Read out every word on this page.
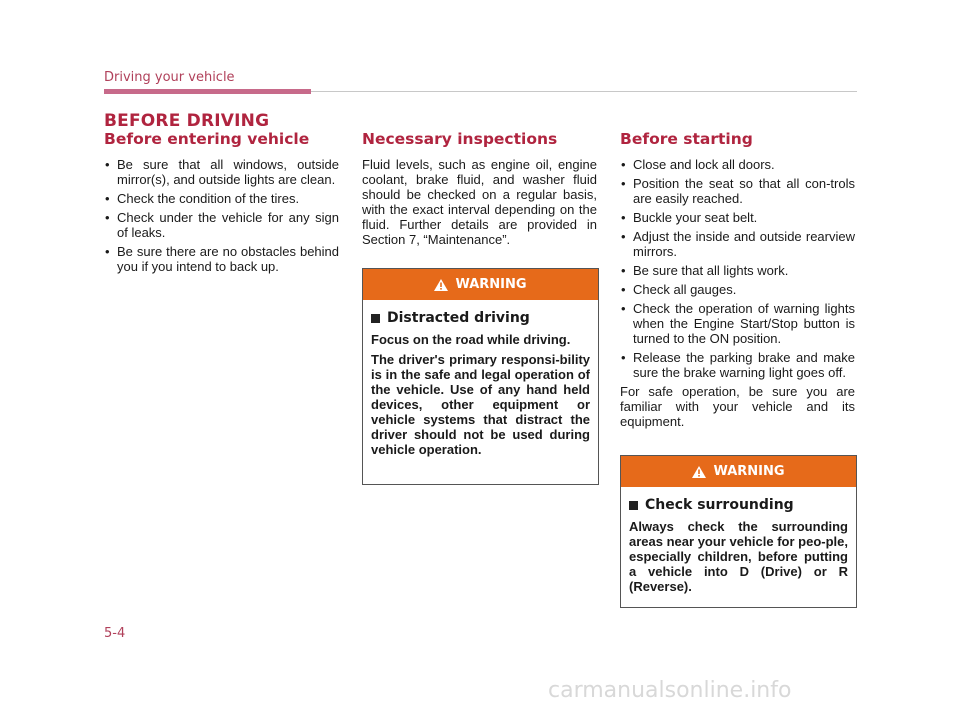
Driving your vehicle
BEFORE DRIVING
Before entering vehicle
• Be sure that all windows, outside mirror(s), and outside lights are clean.
• Check the condition of the tires.
• Check under the vehicle for any sign of leaks.
• Be sure there are no obstacles behind you if you intend to back up.
Necessary inspections

Fluid levels, such as engine oil, engine coolant, brake fluid, and washer fluid should be checked on a regular basis, with the exact interval depending on the fluid. Further details are provided in Section 7, “Maintenance”.

WARNING
Distracted driving

Focus on the road while driving.

The driver's primary responsi-bility is in the safe and legal operation of the vehicle. Use of any hand held devices, other equipment or vehicle systems that distract the driver should not be used during vehicle operation.

Before starting
• Close and lock all doors.
• Position the seat so that all con-trols are easily reached.
• Buckle your seat belt.
• Adjust the inside and outside rearview mirrors.
• Be sure that all lights work.
• Check all gauges.
• Check the operation of warning lights when the Engine Start/Stop button is turned to the ON position.
• Release the parking brake and make sure the brake warning light goes off.

For safe operation, be sure you are familiar with your vehicle and its equipment.

WARNING
Check surrounding

Always check the surrounding areas near your vehicle for peo-ple, especially children, before putting a vehicle into D (Drive) or R (Reverse).

5-4
carmanualsonline.info
